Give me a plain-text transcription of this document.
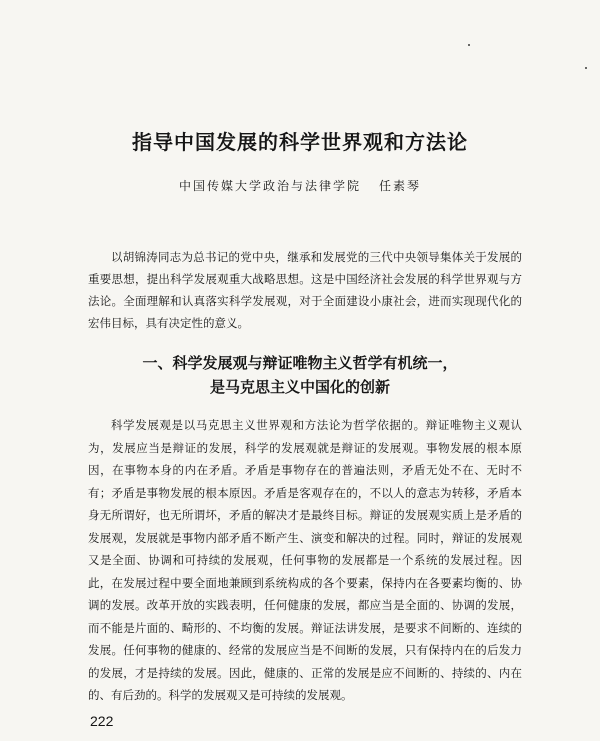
指导中国发展的科学世界观和方法论
中国传媒大学政治与法律学院 任素琴

以胡锦涛同志为总书记的党中央，继承和发展党的三代中央领导集体关于发展的重要思想，提出科学发展观重大战略思想。这是中国经济社会发展的科学世界观与方法论。全面理解和认真落实科学发展观，对于全面建设小康社会，进而实现现代化的宏伟目标，具有决定性的意义。

一、科学发展观与辩证唯物主义哲学有机统一，
是马克思主义中国化的创新

科学发展观是以马克思主义世界观和方法论为哲学依据的。辩证唯物主义观认为，发展应当是辩证的发展，科学的发展观就是辩证的发展观。事物发展的根本原因，在事物本身的内在矛盾。矛盾是事物存在的普遍法则，矛盾无处不在、无时不有；矛盾是事物发展的根本原因。矛盾是客观存在的，不以人的意志为转移，矛盾本身无所谓好，也无所谓坏，矛盾的解决才是最终目标。辩证的发展观实质上是矛盾的发展观，发展就是事物内部矛盾不断产生、演变和解决的过程。同时，辩证的发展观又是全面、协调和可持续的发展观，任何事物的发展都是一个系统的发展过程。因此，在发展过程中要全面地兼顾到系统构成的各个要素，保持内在各要素均衡的、协调的发展。改革开放的实践表明，任何健康的发展，都应当是全面的、协调的发展，而不能是片面的、畸形的、不均衡的发展。辩证法讲发展，是要求不间断的、连续的发展。任何事物的健康的、经常的发展应当是不间断的发展，只有保持内在的后发力的发展，才是持续的发展。因此，健康的、正常的发展是应不间断的、持续的、内在的、有后劲的。科学的发展观又是可持续的发展观。

222
